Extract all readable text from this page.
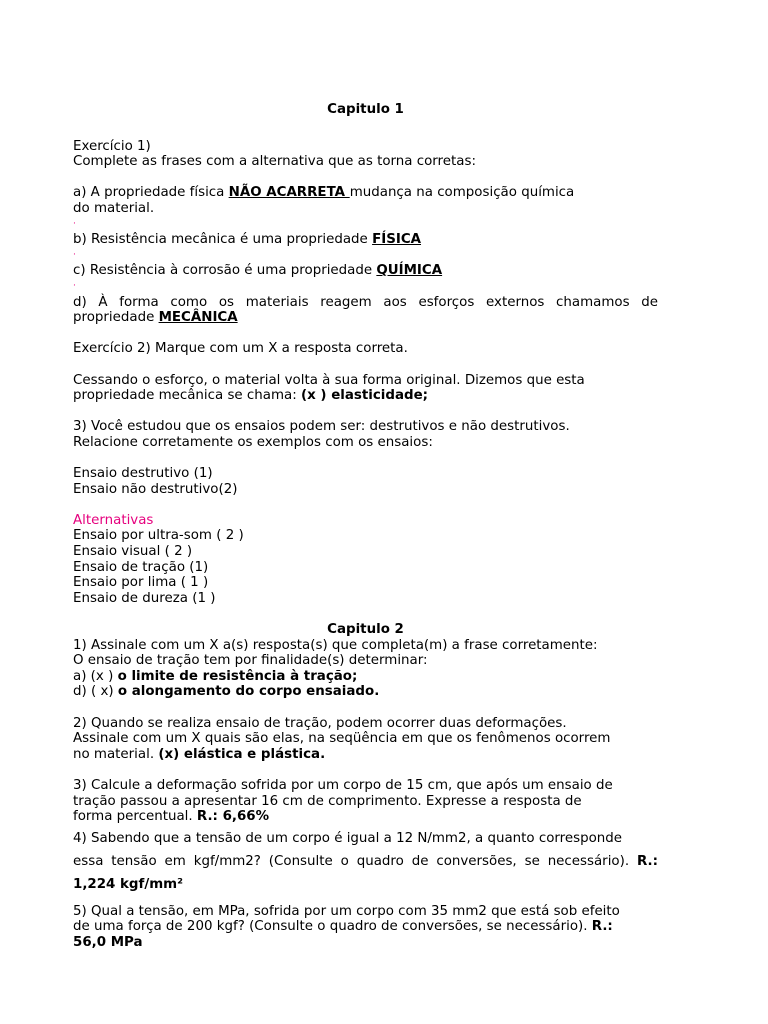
Capitulo 1

Exercício 1)

Complete as frases com a alternativa que as torna corretas:

a) A propriedade física NÃO ACARRETA mudança na composição química

do material.

·

b) Resistência mecânica é uma propriedade FÍSICA

·

c) Resistência à corrosão é uma propriedade QUÍMICA

·

d) À forma como os materiais reagem aos esforços externos chamamos de propriedade MECÂNICA

Exercício 2) Marque com um X a resposta correta.

Cessando o esforço, o material volta à sua forma original. Dizemos que esta

propriedade mecânica se chama: (x ) elasticidade;

3) Você estudou que os ensaios podem ser: destrutivos e não destrutivos.

Relacione corretamente os exemplos com os ensaios:

Ensaio destrutivo (1)

Ensaio não destrutivo(2)

Alternativas

Ensaio por ultra-som ( 2 )

Ensaio visual ( 2 )

Ensaio de tração (1)

Ensaio por lima ( 1 )

Ensaio de dureza (1 )

Capitulo 2

1) Assinale com um X a(s) resposta(s) que completa(m) a frase corretamente:

O ensaio de tração tem por finalidade(s) determinar:

a) (x ) o limite de resistência à tração;

d) ( x) o alongamento do corpo ensaiado.

2) Quando se realiza ensaio de tração, podem ocorrer duas deformações.

Assinale com um X quais são elas, na seqüência em que os fenômenos ocorrem

no material. (x) elástica e plástica.

3) Calcule a deformação sofrida por um corpo de 15 cm, que após um ensaio de

tração passou a apresentar 16 cm de comprimento. Expresse a resposta de

forma percentual. R.: 6,66%

4) Sabendo que a tensão de um corpo é igual a 12 N/mm2, a quanto corresponde

essa tensão em kgf/mm2? (Consulte o quadro de conversões, se necessário). R.:

1,224 kgf/mm²

5) Qual a tensão, em MPa, sofrida por um corpo com 35 mm2 que está sob efeito

de uma força de 200 kgf? (Consulte o quadro de conversões, se necessário). R.:

56,0 MPa
